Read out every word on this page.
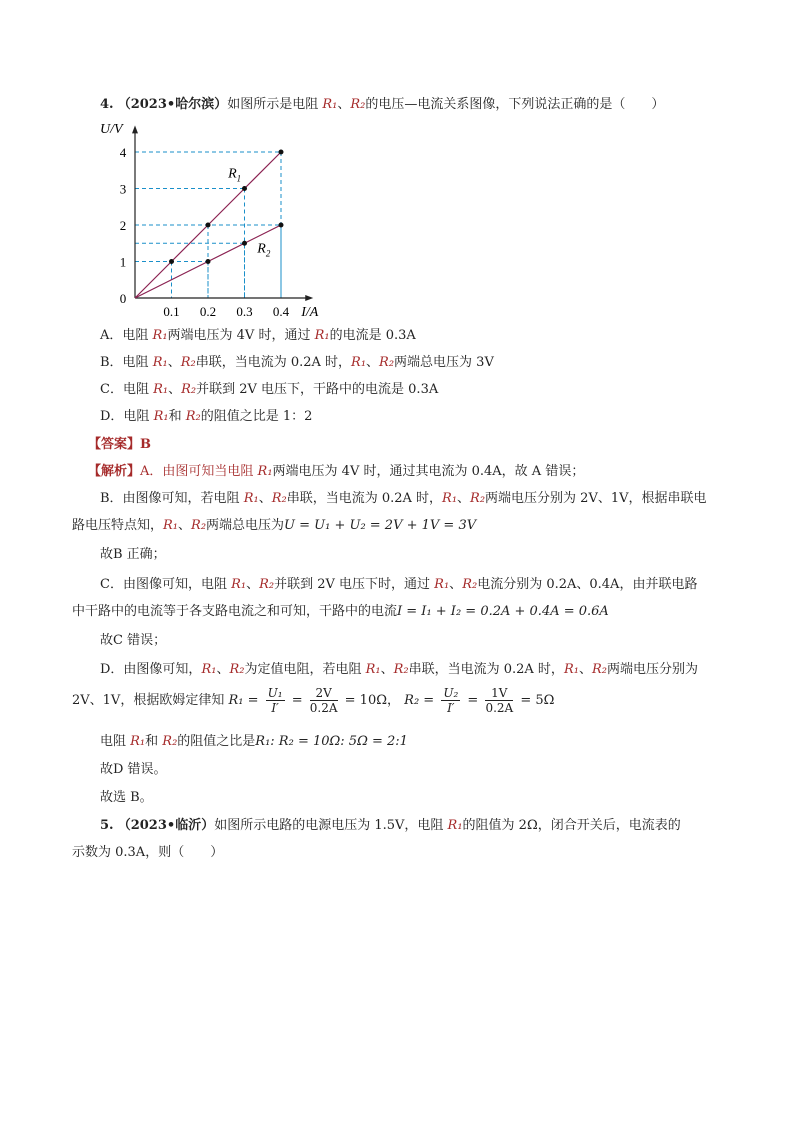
4. （2023•哈尔滨）如图所示是电阻 R₁、R₂的电压—电流关系图像，下列说法正确的是（　　）
0.1 0.2 0.3 0.4
1
2
3
4
0
I/A
U/V
$R_1$
$R_2$
A．电阻 R₁两端电压为 4V 时，通过 R₁的电流是 0.3A
B．电阻 R₁、R₂串联，当电流为 0.2A 时，R₁、R₂两端总电压为 3V
C．电阻 R₁、R₂并联到 2V 电压下，干路中的电流是 0.3A
D．电阻 R₁和 R₂的阻值之比是 1：2
【答案】B
【解析】A．由图可知当电阻 R₁两端电压为 4V 时，通过其电流为 0.4A，故 A 错误；
B．由图像可知，若电阻 R₁、R₂串联，当电流为 0.2A 时，R₁、R₂两端电压分别为 2V、1V，根据串联电
路电压特点知，R₁、R₂两端总电压为U = U₁ + U₂ = 2V + 1V = 3V
故B 正确；
C．由图像可知，电阻 R₁、R₂并联到 2V 电压下时，通过 R₁、R₂电流分别为 0.2A、0.4A，由并联电路
中干路中的电流等于各支路电流之和可知，干路中的电流I = I₁ + I₂ = 0.2A + 0.4A = 0.6A
故C 错误；
D．由图像可知，R₁、R₂为定值电阻，若电阻 R₁、R₂串联，当电流为 0.2A 时，R₁、R₂两端电压分别为
2V、1V，根据欧姆定律知 $R_1 = \frac{\text{U₁}}{I'} = \frac{2V}{0.2A} = 10\Omega$， $R_2 = \frac{\text{U₂}}{I'} = \frac{1V}{0.2A} = 5\Omega$
电阻 R₁和 R₂的阻值之比是R₁: R₂ = 10Ω: 5Ω = 2:1
故D 错误。
故选 B。
5. （2023•临沂）如图所示电路的电源电压为 1.5V，电阻 R₁的阻值为 2Ω，闭合开关后，电流表的
示数为 0.3A，则（　　）
